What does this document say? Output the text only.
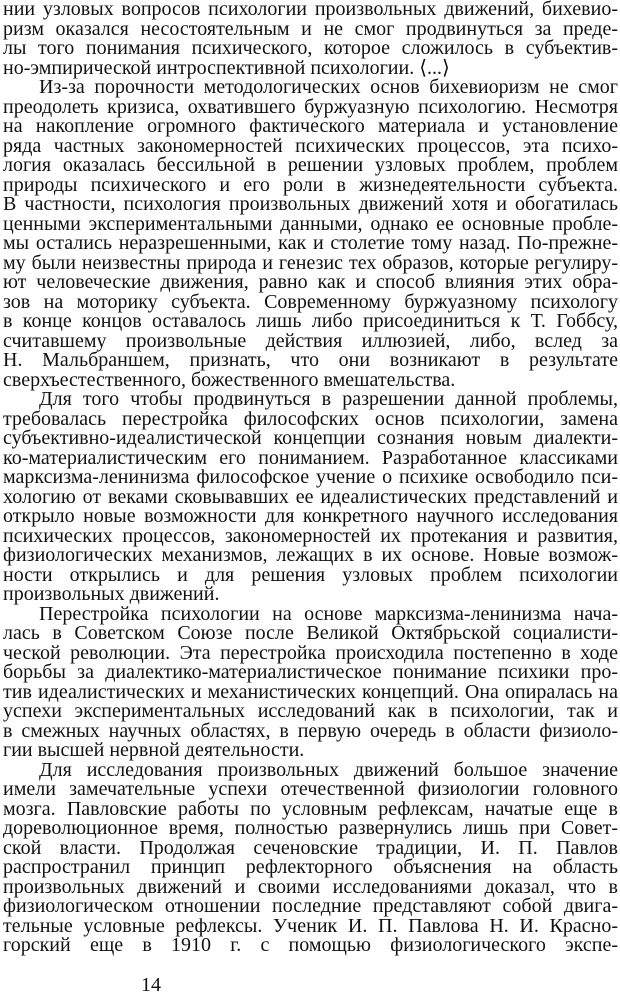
нии узловых вопросов психологии произвольных движений, бихевио-
ризм оказался несостоятельным и не смог продвинуться за преде-
лы того понимания психического, которое сложилось в субъектив-
но-эмпирической интроспективной психологии. ⟨...⟩
Из-за порочности методологических основ бихевиоризм не смог
преодолеть кризиса, охватившего буржуазную психологию. Несмотря
на накопление огромного фактического материала и установление
ряда частных закономерностей психических процессов, эта психо-
логия оказалась бессильной в решении узловых проблем, проблем
природы психического и его роли в жизнедеятельности субъекта.
В частности, психология произвольных движений хотя и обогатилась
ценными экспериментальными данными, однако ее основные пробле-
мы остались неразрешенными, как и столетие тому назад. По-прежне-
му были неизвестны природа и генезис тех образов, которые регулиру-
ют человеческие движения, равно как и способ влияния этих обра-
зов на моторику субъекта. Современному буржуазному психологу
в конце концов оставалось лишь либо присоединиться к Т. Гоббсу,
считавшему произвольные действия иллюзией, либо, вслед за
Н. Мальбраншем, признать, что они возникают в результате
сверхъестественного, божественного вмешательства.
Для того чтобы продвинуться в разрешении данной проблемы,
требовалась перестройка философских основ психологии, замена
субъективно-идеалистической концепции сознания новым диалекти-
ко-материалистическим его пониманием. Разработанное классиками
марксизма-ленинизма философское учение о психике освободило пси-
хологию от веками сковывавших ее идеалистических представлений и
открыло новые возможности для конкретного научного исследования
психических процессов, закономерностей их протекания и развития,
физиологических механизмов, лежащих в их основе. Новые возмож-
ности открылись и для решения узловых проблем психологии
произвольных движений.
Перестройка психологии на основе марксизма-ленинизма нача-
лась в Советском Союзе после Великой Октябрьской социалисти-
ческой революции. Эта перестройка происходила постепенно в ходе
борьбы за диалектико-материалистическое понимание психики про-
тив идеалистических и механистических концепций. Она опиралась на
успехи экспериментальных исследований как в психологии, так и
в смежных научных областях, в первую очередь в области физиоло-
гии высшей нервной деятельности.
Для исследования произвольных движений большое значение
имели замечательные успехи отечественной физиологии головного
мозга. Павловские работы по условным рефлексам, начатые еще в
дореволюционное время, полностью развернулись лишь при Совет-
ской власти. Продолжая сеченовские традиции, И. П. Павлов
распространил принцип рефлекторного объяснения на область
произвольных движений и своими исследованиями доказал, что в
физиологическом отношении последние представляют собой двига-
тельные условные рефлексы. Ученик И. П. Павлова Н. И. Красно-
горский еще в 1910 г. с помощью физиологического экспе-
14
